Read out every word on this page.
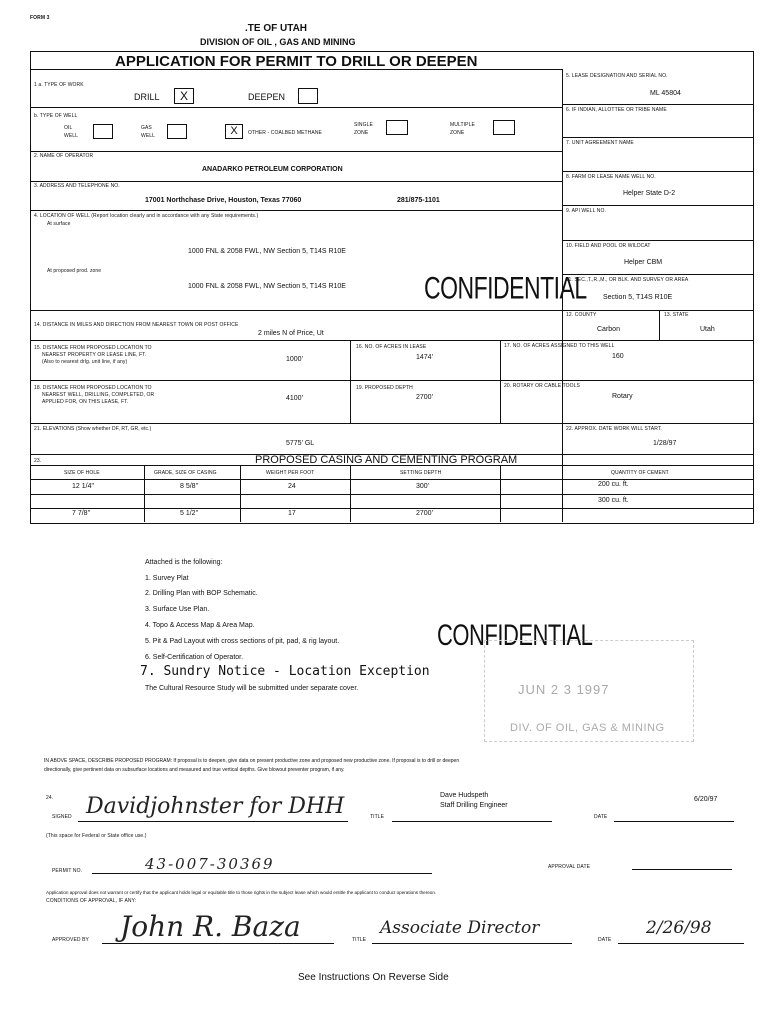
FORM 3
.TE OF UTAH
DIVISION OF OIL , GAS AND MINING
APPLICATION FOR PERMIT TO DRILL OR DEEPEN
1 a. TYPE OF WORK
DRILL	X	DEEPEN
b. TYPE OF WELL
OIL
WELL
GAS
WELL	X	OTHER - COALBED METHANE
SINGLE
ZONE
MULTIPLE
ZONE
2. NAME OF OPERATOR
ANADARKO PETROLEUM CORPORATION
3. ADDRESS AND TELEPHONE NO.
17001 Northchase Drive, Houston, Texas 77060	281/875-1101
4. LOCATION OF WELL (Report location clearly and in accordance with any State requirements.)
At surface
1000 FNL & 2058 FWL, NW Section 5, T14S R10E
At proposed prod. zone
1000 FNL & 2058 FWL, NW Section 5, T14S R10E	CONFIDENTIAL
5. LEASE DESIGNATION AND SERIAL NO.
ML 45804
6. IF INDIAN, ALLOTTEE OR TRIBE NAME
7. UNIT AGREEMENT NAME
8. FARM OR LEASE NAME WELL NO.
Helper State D-2
9. API WELL NO.
10. FIELD AND POOL OR WILDCAT
Helper CBM
11. SEC.,T.,R.,M., OR BLK. AND SURVEY OR AREA
Section 5, T14S R10E
12. COUNTY
Carbon
13. STATE
Utah
14. DISTANCE IN MILES AND DIRECTION FROM NEAREST TOWN OR POST OFFICE
2 miles N of Price, Ut
15. DISTANCE FROM PROPOSED LOCATION TO
NEAREST PROPERTY OR LEASE LINE, FT.
(Also to nearest drlg. unit line, if any)	1000'
16. NO. OF ACRES IN LEASE
1474'
17. NO. OF ACRES ASSIGNED TO THIS WELL
160
18. DISTANCE FROM PROPOSED LOCATION TO
NEAREST WELL, DRILLING, COMPLETED, OR
APPLIED FOR, ON THIS LEASE, FT.	4100'
19. PROPOSED DEPTH
2700'
20. ROTARY OR CABLE TOOLS
Rotary
21. ELEVATIONS (Show whether DF, RT, GR, etc.)
5775' GL
22. APPROX. DATE WORK WILL START.
1/28/97
23.	PROPOSED CASING AND CEMENTING PROGRAM
SIZE OF HOLE	GRADE, SIZE OF CASING	WEIGHT PER FOOT	SETTING DEPTH	QUANTITY OF CEMENT
12 1/4"	8 5/8"	24	300'	200 cu. ft.
7 7/8"	5 1/2"	17	2700'
300 cu. ft.
Attached is the following:
1. Survey Plat
2. Drilling Plan with BOP Schematic.
3. Surface Use Plan.
4. Topo & Access Map & Area Map.
5. Pit & Pad Layout with cross sections of pit, pad, & rig layout.
6. Self-Certification of Operator.
7. Sundry Notice - Location Exception
The Cultural Resource Study will be submitted under separate cover.
CONFIDENTIAL
JUN 2 3 1997
DIV. OF OIL, GAS & MINING
IN ABOVE SPACE, DESCRIBE PROPOSED PROGRAM: If proposal is to deepen, give data on present productive zone and proposed new productive zone. If proposal is to drill or deepen
directionally, give pertinent data on subsurface locations and measured and true vertical depths. Give blowout preventer program, if any.
24.
SIGNED Davidjohnster for DHH	TITLE
Dave Hudspeth
Staff Drilling Engineer
DATE
6/20/97
(This space for Federal or State office use.)
PERMIT NO.	43-007-30369	APPROVAL DATE
Application approval does not warrant or certify that the applicant holds legal or equitable title to those rights in the subject lease which would entitle the applicant to conduct operations thereon.
CONDITIONS OF APPROVAL, IF ANY:
APPROVED BY John R. Baza	TITLE
Associate Director
DATE
2/26/98
See Instructions On Reverse Side
